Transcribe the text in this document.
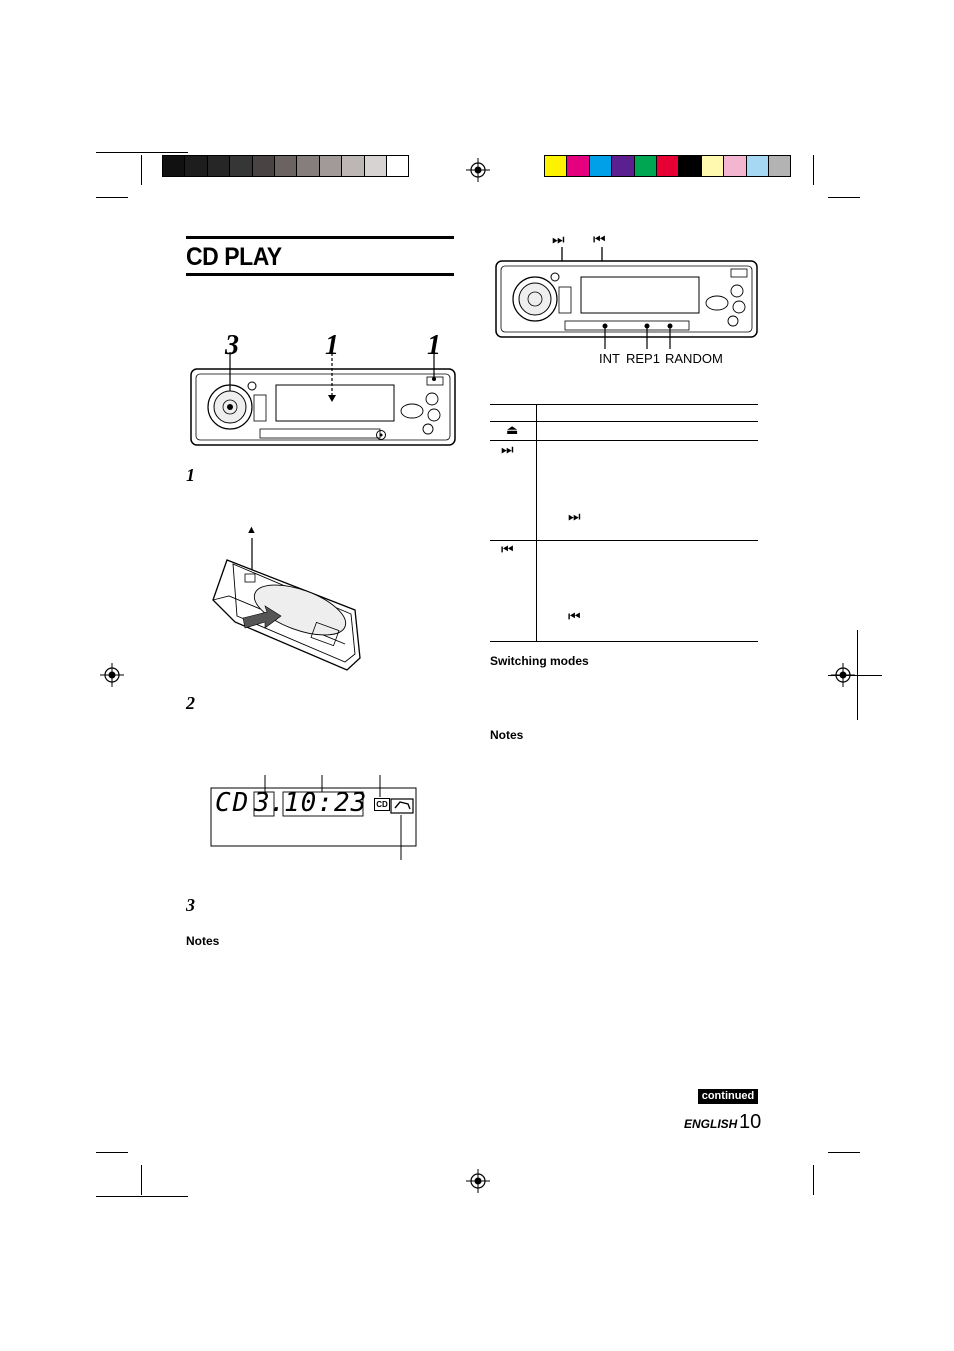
CD PLAY
3	1	1
1
▲
2
CD 3.
10:23 CD
3
Notes
⏭ ⏮
INT REP1 RANDOM
⏏
⏭
⏭
⏮
⏮
Switching modes
Notes
continued
ENGLISH 10
